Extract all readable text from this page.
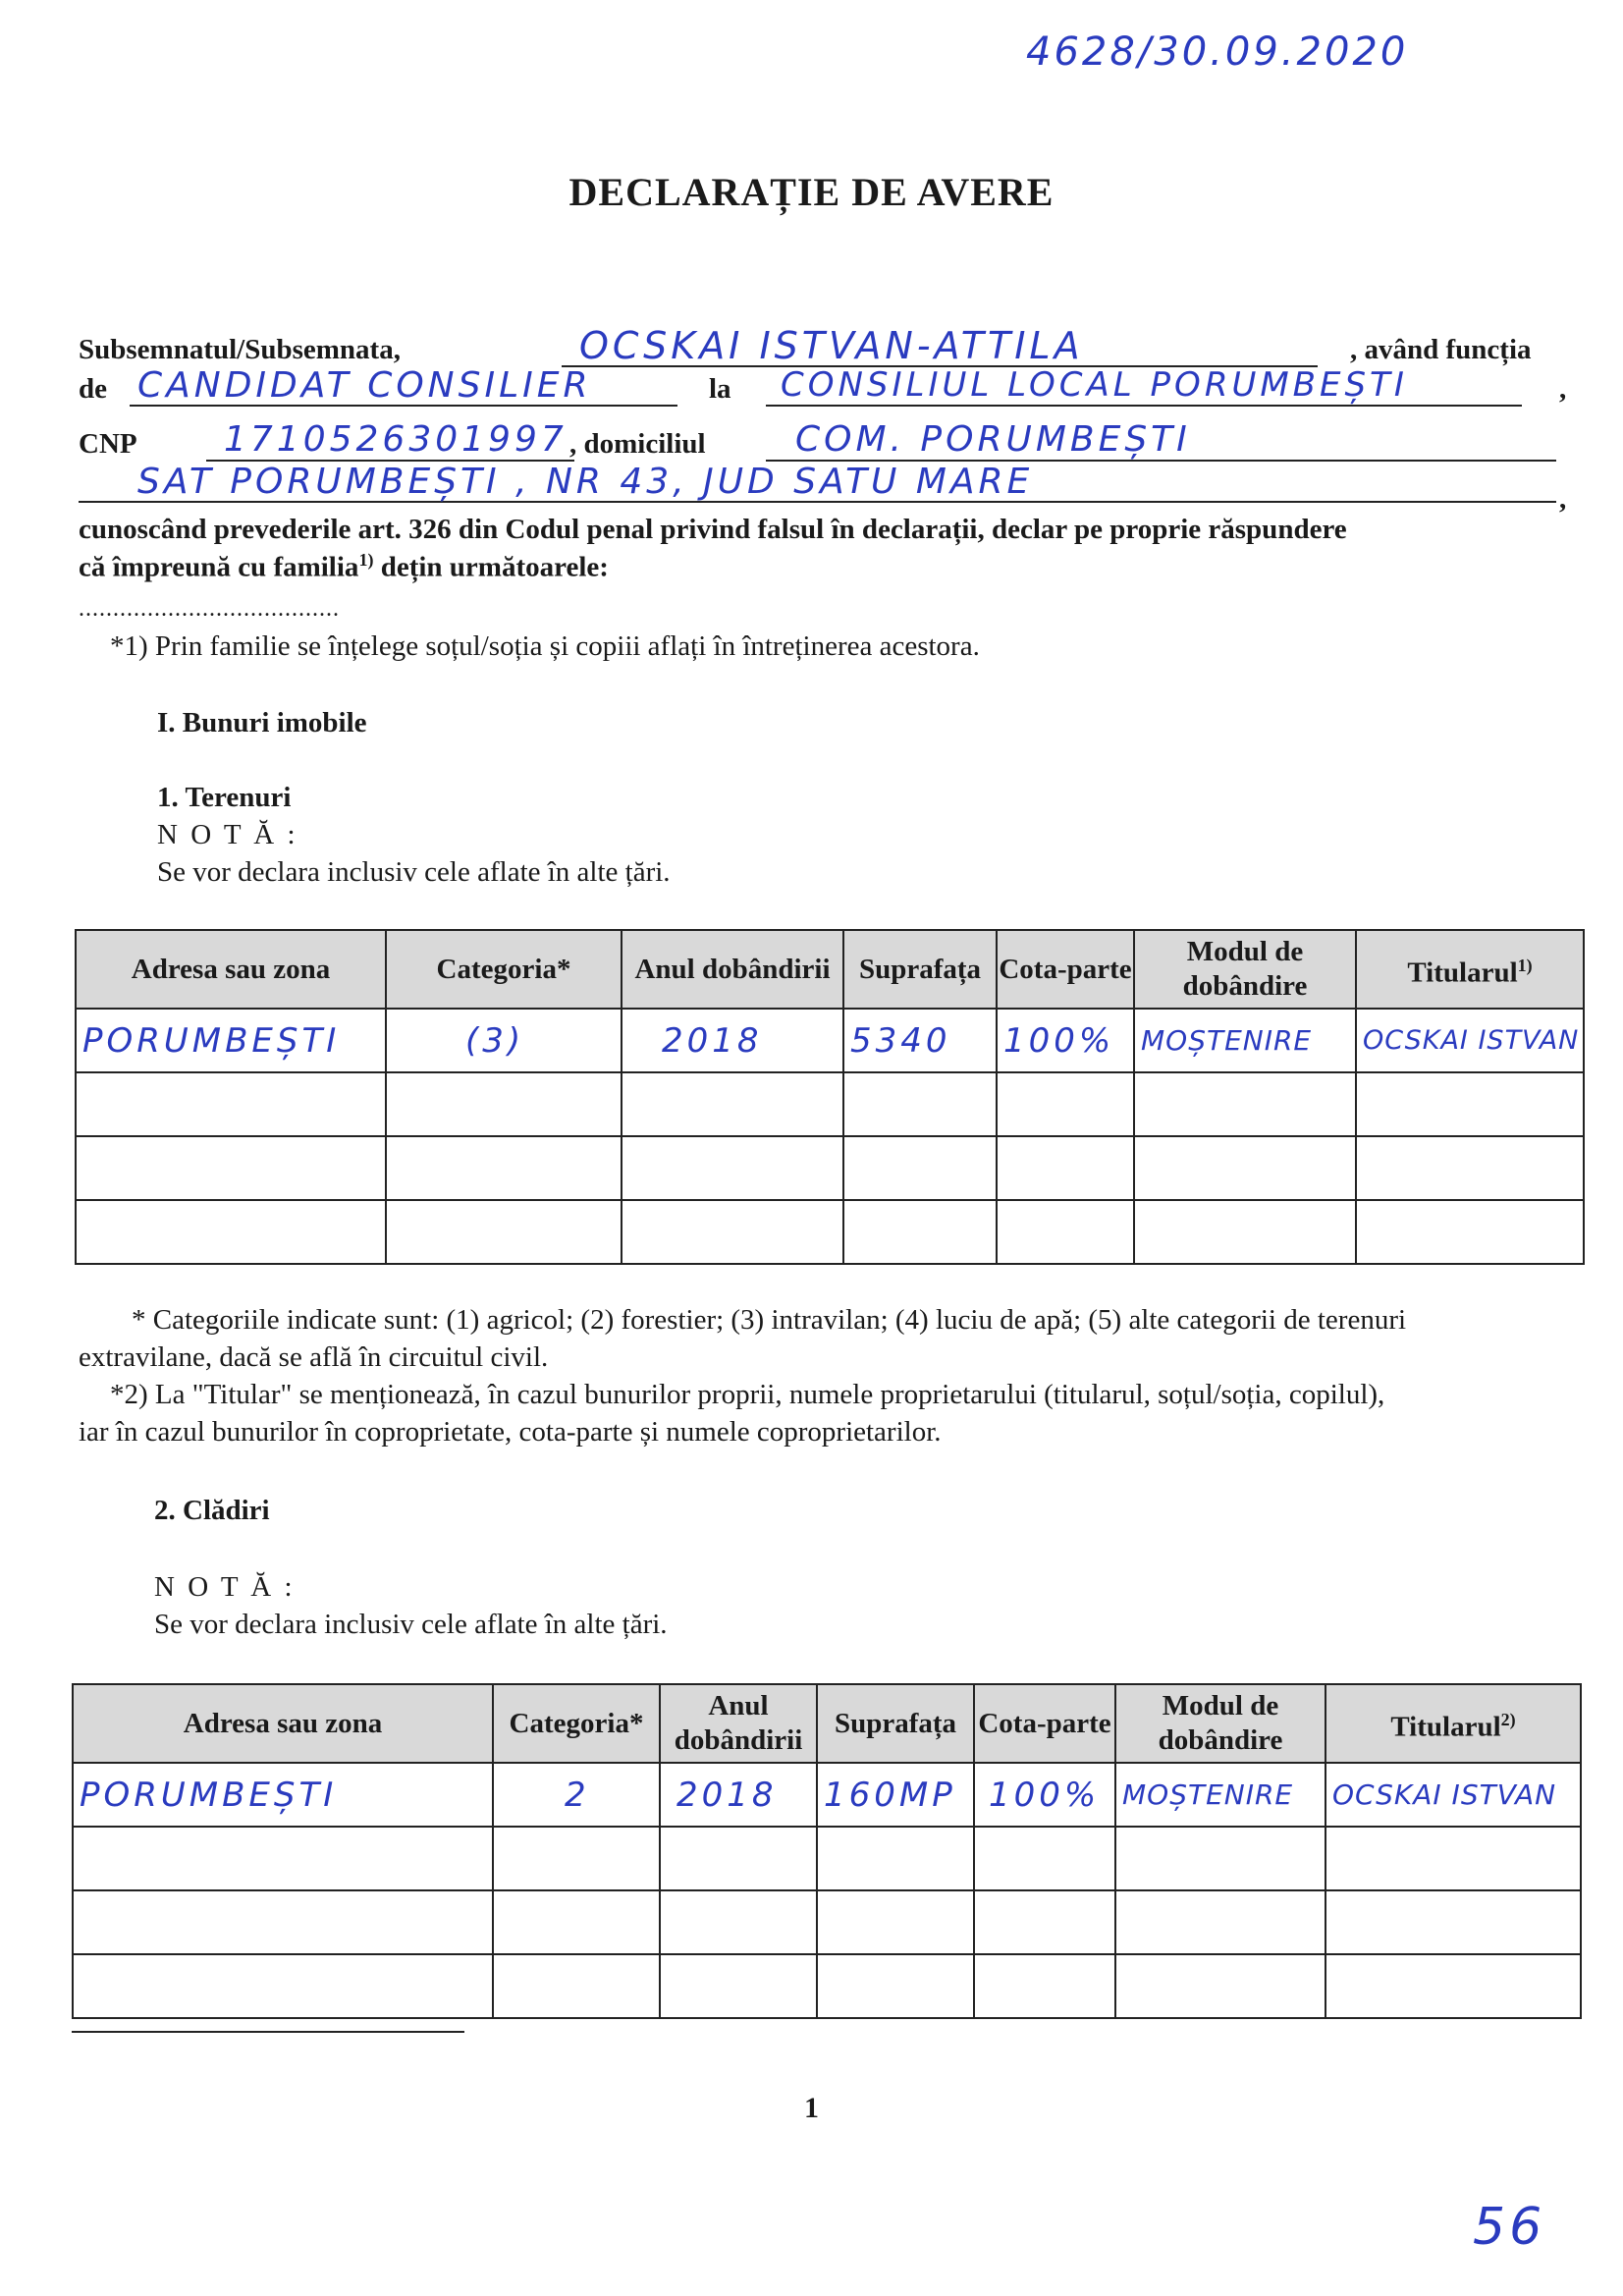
4628/30.09.2020
DECLARAȚIE DE AVERE
Subsemnatul/Subsemnata,	OCSKAI ISTVAN-ATTILA	, având funcția
de CANDIDAT CONSILIER	la CONSILIUL LOCAL PORUMBEȘTI	,
CNP 1710526301997 , domiciliul	COM. PORUMBEȘTI
SAT PORUMBEȘTI , NR 43, JUD SATU MARE	,
cunoscând prevederile art. 326 din Codul penal privind falsul în declarații, declar pe proprie răspundere
că împreună cu familia$^{1)}$ dețin următoarele:
......................................
*1) Prin familie se înțelege soțul/soția și copiii aflați în întreținerea acestora.
I. Bunuri imobile
1. Terenuri
N O T Ă :
Se vor declara inclusiv cele aflate în alte țări.
Adresa sau zona	Categoria*	Anul dobândirii	Suprafața	Cota-parte	Modul de dobândire	Titularul$^{1)}$

PORUMBEȘTI	(3)	2018	5340	100%	MOȘTENIRE	OCSKAI ISTVAN

* Categoriile indicate sunt: (1) agricol; (2) forestier; (3) intravilan; (4) luciu de apă; (5) alte categorii de terenuri
extravilane, dacă se află în circuitul civil.
*2) La "Titular" se menționează, în cazul bunurilor proprii, numele proprietarului (titularul, soțul/soția, copilul),
iar în cazul bunurilor în coproprietate, cota-parte și numele coproprietarilor.
2. Clădiri
N O T Ă :
Se vor declara inclusiv cele aflate în alte țări.
Adresa sau zona	Categoria*	Anul dobândirii	Suprafața	Cota-parte	Modul de dobândire	Titularul$^{2)}$

PORUMBEȘTI	2	2018	160MP	100%	MOȘTENIRE	OCSKAI ISTVAN

1
56
